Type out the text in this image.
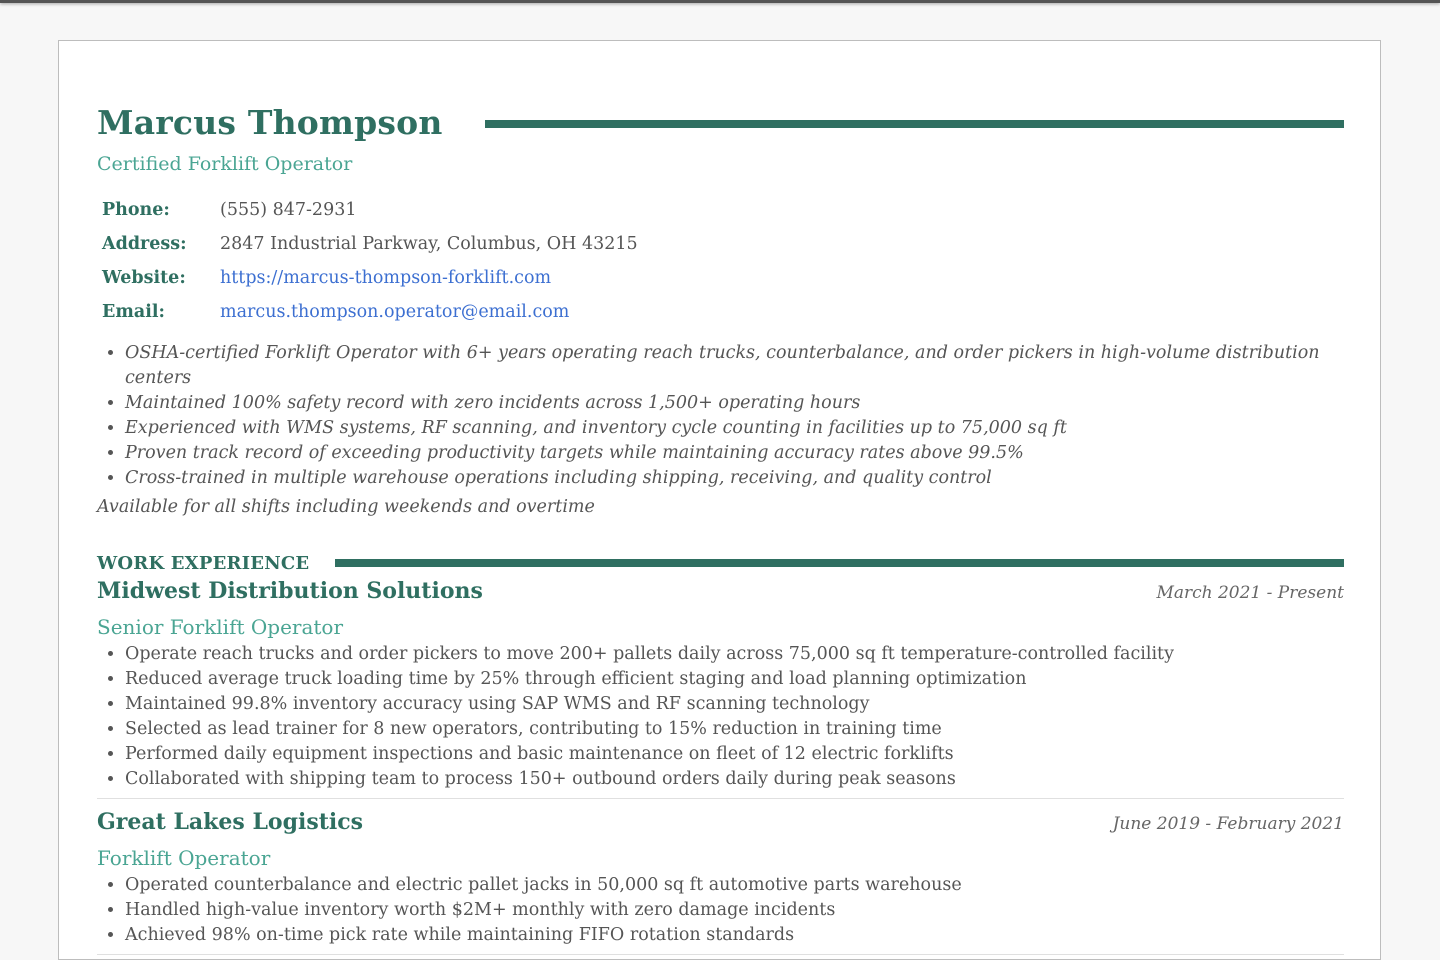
Marcus Thompson
Certified Forklift Operator
Phone:	(555) 847-2931
Address:	2847 Industrial Parkway, Columbus, OH 43215
Website:	https://marcus-thompson-forklift.com
Email:	marcus.thompson.operator@email.com
• OSHA-certified Forklift Operator with 6+ years operating reach trucks, counterbalance, and order pickers in high-volume distribution centers
• Maintained 100% safety record with zero incidents across 1,500+ operating hours
• Experienced with WMS systems, RF scanning, and inventory cycle counting in facilities up to 75,000 sq ft
• Proven track record of exceeding productivity targets while maintaining accuracy rates above 99.5%
• Cross-trained in multiple warehouse operations including shipping, receiving, and quality control
Available for all shifts including weekends and overtime
WORK EXPERIENCE
Midwest Distribution Solutions	March 2021 - Present
Senior Forklift Operator
• Operate reach trucks and order pickers to move 200+ pallets daily across 75,000 sq ft temperature-controlled facility
• Reduced average truck loading time by 25% through efficient staging and load planning optimization
• Maintained 99.8% inventory accuracy using SAP WMS and RF scanning technology
• Selected as lead trainer for 8 new operators, contributing to 15% reduction in training time
• Performed daily equipment inspections and basic maintenance on fleet of 12 electric forklifts
• Collaborated with shipping team to process 150+ outbound orders daily during peak seasons
Great Lakes Logistics	June 2019 - February 2021
Forklift Operator
• Operated counterbalance and electric pallet jacks in 50,000 sq ft automotive parts warehouse
• Handled high-value inventory worth $2M+ monthly with zero damage incidents
• Achieved 98% on-time pick rate while maintaining FIFO rotation standards
